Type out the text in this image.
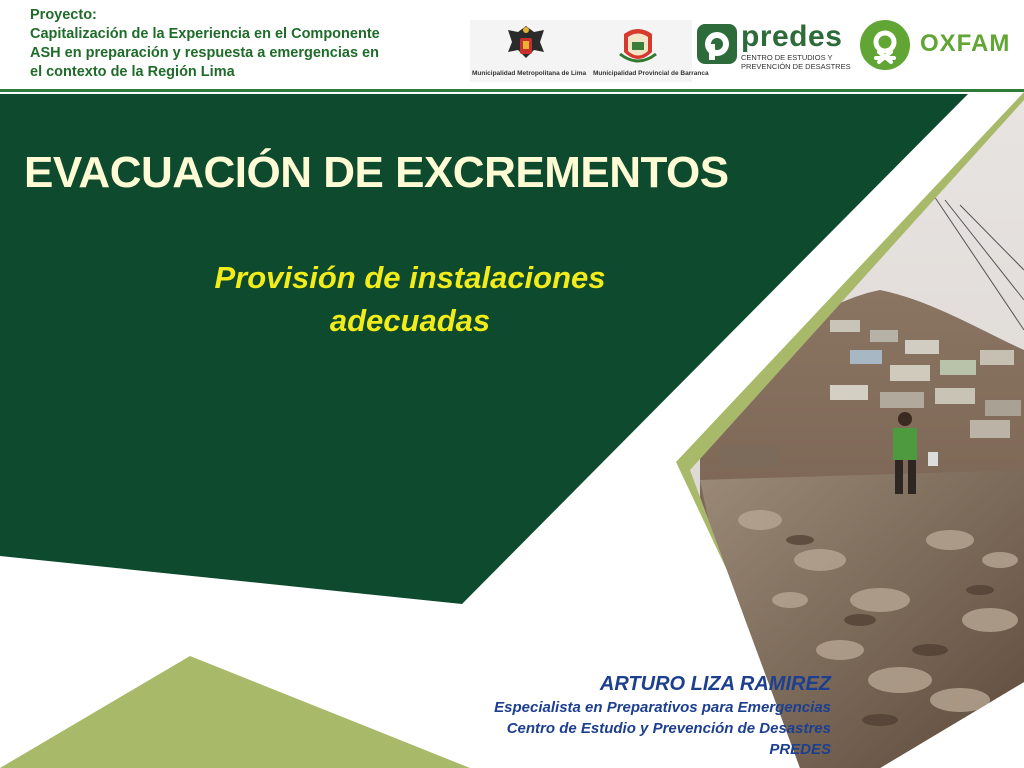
Proyecto:
Capitalización de la Experiencia en el Componente
ASH en preparación y respuesta a emergencias en
el contexto de la Región Lima	Municipalidad Metropolitana de Lima Municipalidad Provincial de Barranca
predes
CENTRO DE ESTUDIOS Y
PREVENCIÓN DE DESASTRES
OXFAM
EVACUACIÓN DE EXCREMENTOS
Provisión de instalaciones
adecuadas
ARTURO LIZA RAMIREZ
Especialista en Preparativos para Emergencias
Centro de Estudio y Prevención de Desastres
PREDES
